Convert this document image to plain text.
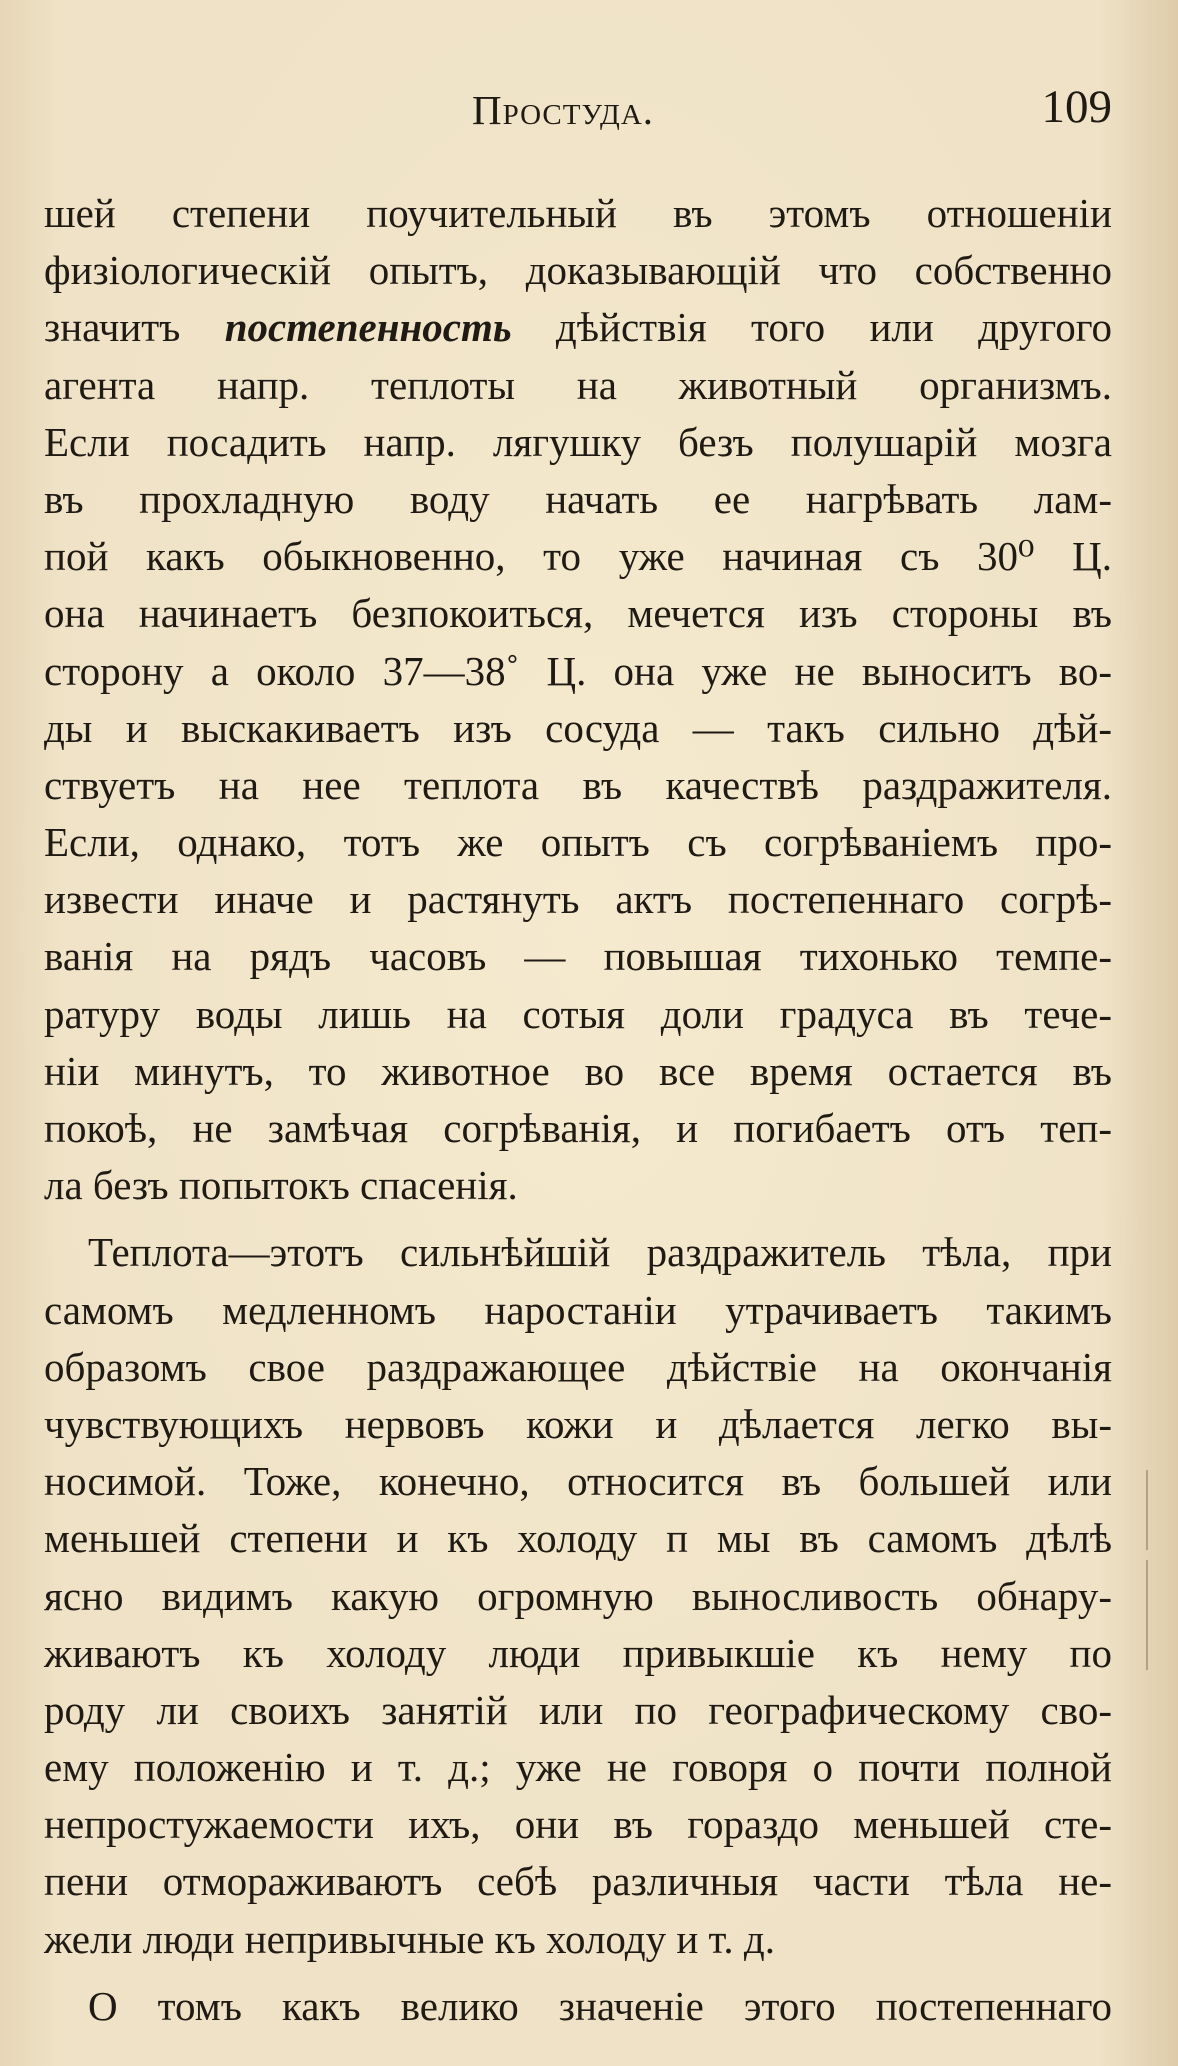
Простуда.	109
шей степени поучительный въ этомъ отношенiи
физiологическiй опытъ, доказывающiй что собственно
значитъ постепенность дѣйствiя того или другого
агента напр. теплоты на животный организмъ.
Если посадить напр. лягушку безъ полушарiй мозга
въ прохладную воду начать ее нагрѣвать лам-
пой какъ обыкновенно, то уже начиная съ 30⁰ Ц.
она начинаетъ безпокоиться, мечется изъ стороны въ
сторону а около 37—38˚ Ц. она уже не выноситъ во-
ды и выскакиваетъ изъ сосуда — такъ сильно дѣй-
ствуетъ на нее теплота въ качествѣ раздражителя.
Если, однако, тотъ же опытъ съ согрѣванiемъ про-
извести иначе и растянуть актъ постепеннаго согрѣ-
ванiя на рядъ часовъ — повышая тихонько темпе-
ратуру воды лишь на сотыя доли градуса въ тече-
нiи минутъ, то животное во все время остается въ
покоѣ, не замѣчая согрѣванiя, и погибаетъ отъ теп-
ла безъ попытокъ спасенiя.
Теплота—этотъ сильнѣйшiй раздражитель тѣла, при
самомъ медленномъ наростанiи утрачиваетъ такимъ
образомъ свое раздражающее дѣйствiе на окончанiя
чувствующихъ нервовъ кожи и дѣлается легко вы-
носимой. Тоже, конечно, относится въ большей или
меньшей степени и къ холоду п мы въ самомъ дѣлѣ
ясно видимъ какую огромную выносливость обнару-
живаютъ къ холоду люди привыкшiе къ нему по
роду ли своихъ занятiй или по географическому сво-
ему положенiю и т. д.; уже не говоря о почти полной
непростужаемости ихъ, они въ гораздо меньшей сте-
пени отмораживаютъ себѣ различныя части тѣла не-
жели люди непривычные къ холоду и т. д.
О томъ какъ велико значенiе этого постепеннаго
